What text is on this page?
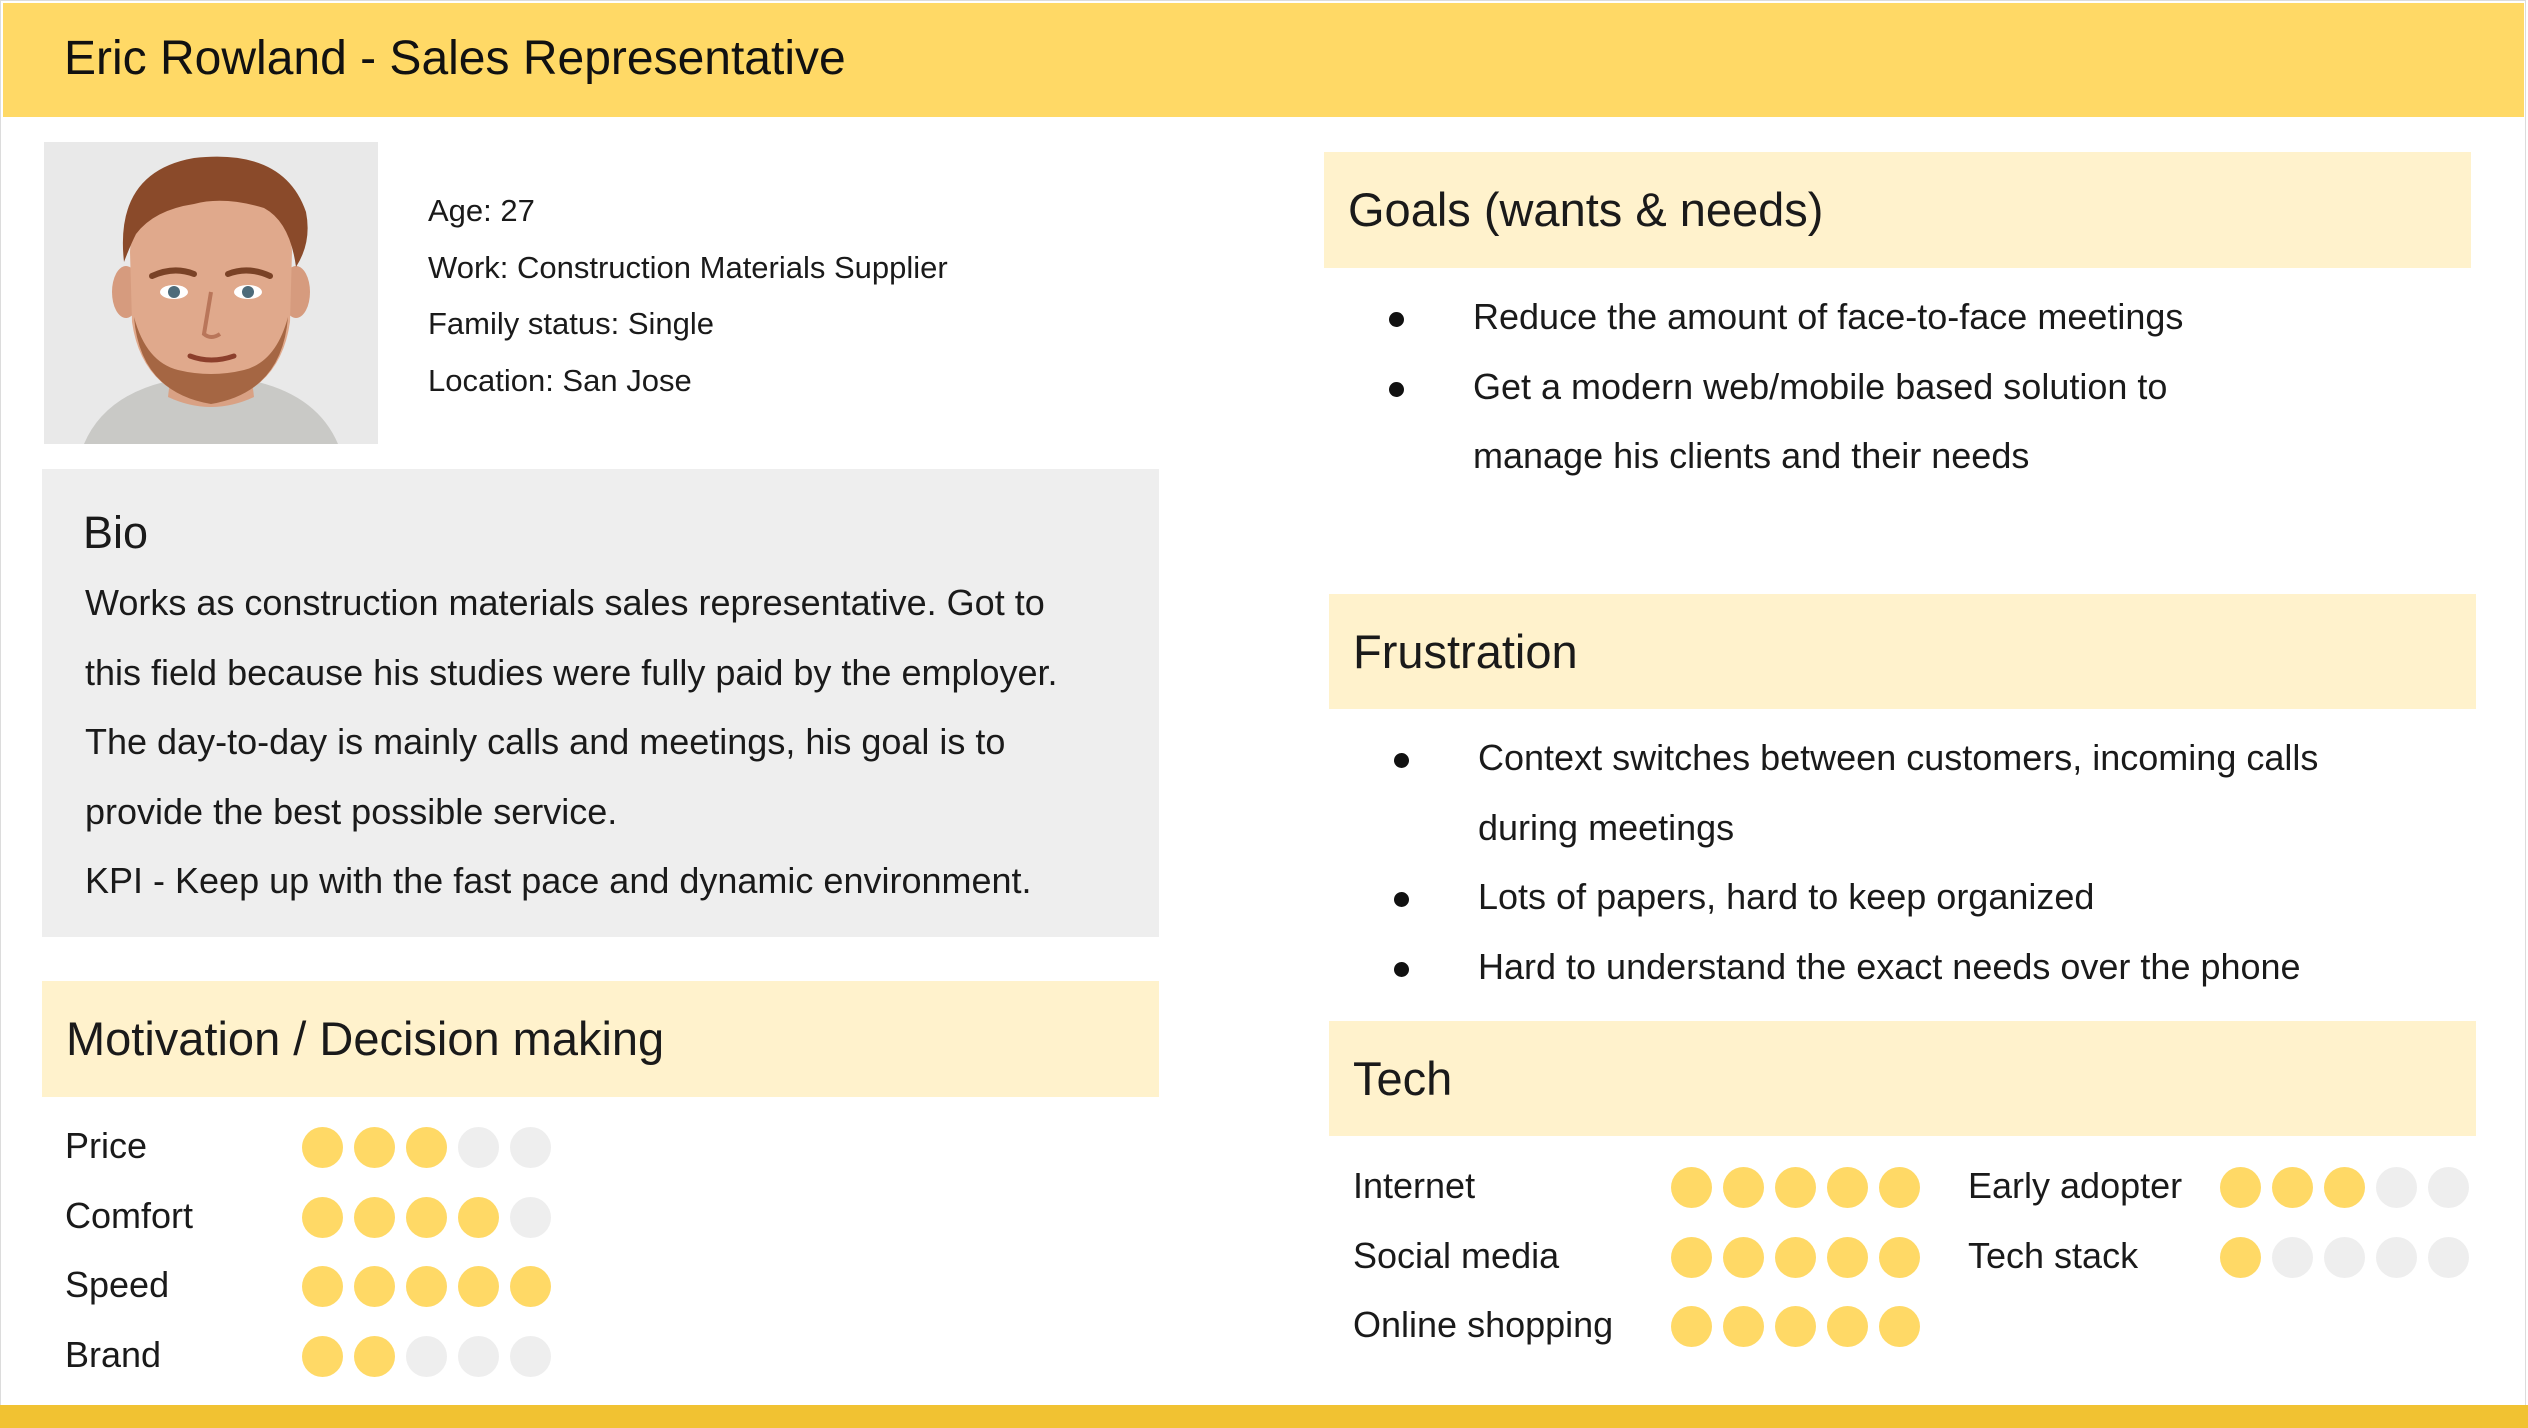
Eric Rowland - Sales Representative
Age: 27
Work: Construction Materials Supplier
Family status: Single
Location: San Jose
Bio
Works as construction materials sales representative. Got to
this field because his studies were fully paid by the employer.
The day-to-day is mainly calls and meetings, his goal is to
provide the best possible service.
KPI - Keep up with the fast pace and dynamic environment.
Motivation / Decision making
Price
Comfort
Speed
Brand
Goals (wants & needs)
Reduce the amount of face-to-face meetings
Get a modern web/mobile based solution to
manage his clients and their needs
Frustration
Context switches between customers, incoming calls
during meetings
Lots of papers, hard to keep organized
Hard to understand the exact needs over the phone
Tech
Internet
Social media
Online shopping
Early adopter
Tech stack
